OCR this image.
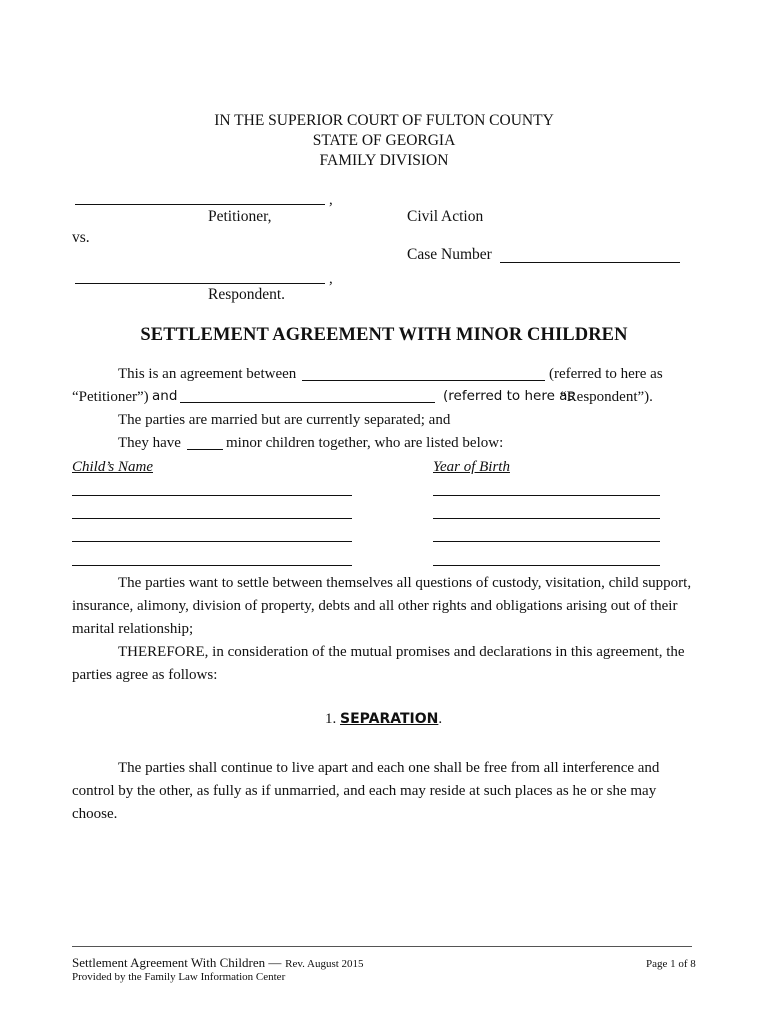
IN THE SUPERIOR COURT OF FULTON COUNTY
STATE OF GEORGIA
FAMILY DIVISION
,
Petitioner,	Civil Action
vs.
Case Number
,
Respondent.
SETTLEMENT AGREEMENT WITH MINOR CHILDREN
This is an agreement between	(referred to here as
“Petitioner”) and	(referred to here as
“Respondent”).
The parties are married but are currently separated; and
They have	minor children together, who are listed below:
Child’s Name	Year of Birth
The parties want to settle between themselves all questions of custody, visitation, child support,
insurance, alimony, division of property, debts and all other rights and obligations arising out of their
marital relationship;
THEREFORE, in consideration of the mutual promises and declarations in this agreement, the
parties agree as follows:
1. SEPARATION.
The parties shall continue to live apart and each one shall be free from all interference and
control by the other, as fully as if unmarried, and each may reside at such places as he or she may
choose.
Settlement Agreement With Children — Rev. August 2015	Page 1 of 8
Provided by the Family Law Information Center
